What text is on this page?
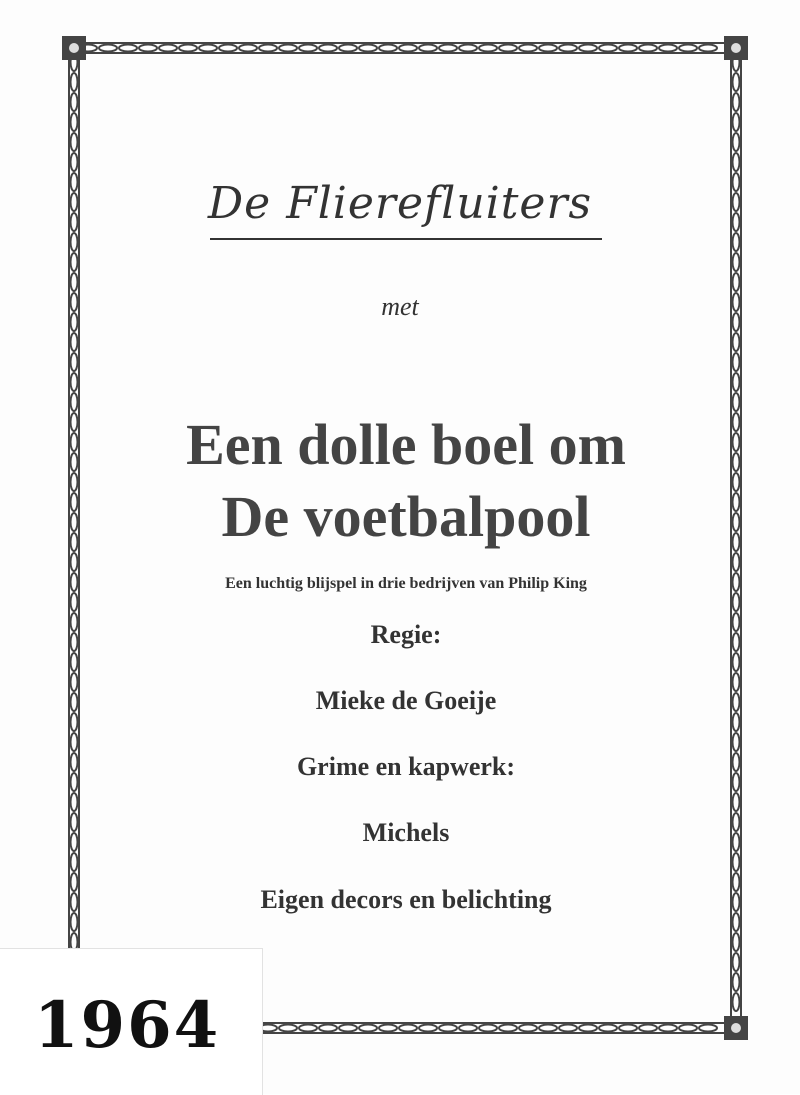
De Flierefluiters
met
Een dolle boel om
De voetbalpool
Een luchtig blijspel in drie bedrijven van Philip King
Regie:
Mieke de Goeije
Grime en kapwerk:
Michels
Eigen decors en belichting
1964
